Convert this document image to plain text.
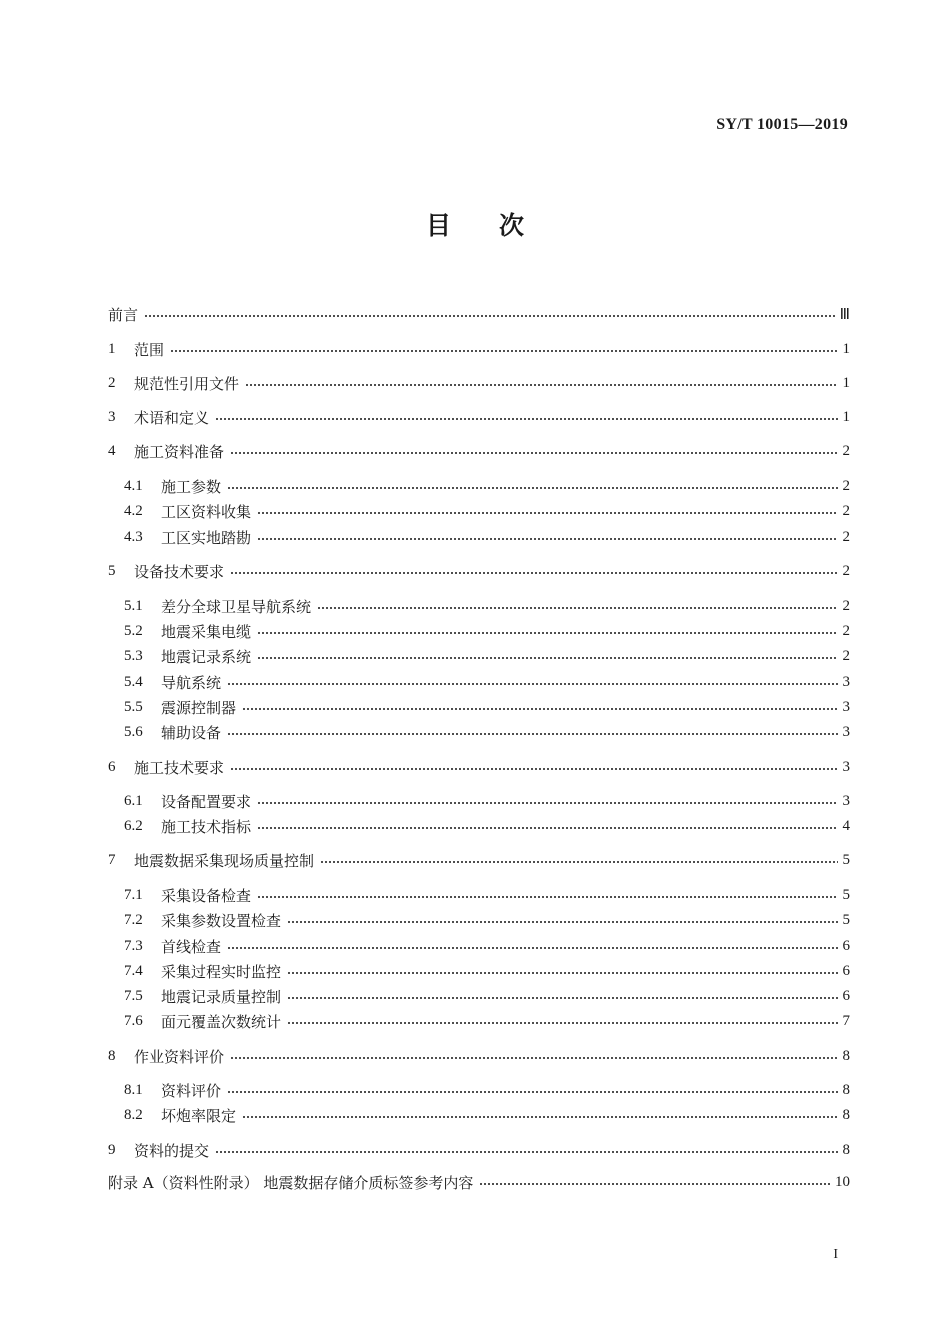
SY/T 10015—2019
目 次
前言	Ⅲ
1	范围	1
2	规范性引用文件	1
3	术语和定义	1
4	施工资料准备	2
4.1	施工参数	2
4.2	工区资料收集	2
4.3	工区实地踏勘	2
5	设备技术要求	2
5.1	差分全球卫星导航系统	2
5.2	地震采集电缆	2
5.3	地震记录系统	2
5.4	导航系统	3
5.5	震源控制器	3
5.6	辅助设备	3
6	施工技术要求	3
6.1	设备配置要求	3
6.2	施工技术指标	4
7	地震数据采集现场质量控制	5
7.1	采集设备检查	5
7.2	采集参数设置检查	5
7.3	首线检查	6
7.4	采集过程实时监控	6
7.5	地震记录质量控制	6
7.6	面元覆盖次数统计	7
8	作业资料评价	8
8.1	资料评价	8
8.2	坏炮率限定	8
9	资料的提交	8
附录 A（资料性附录） 地震数据存储介质标签参考内容	10
I
